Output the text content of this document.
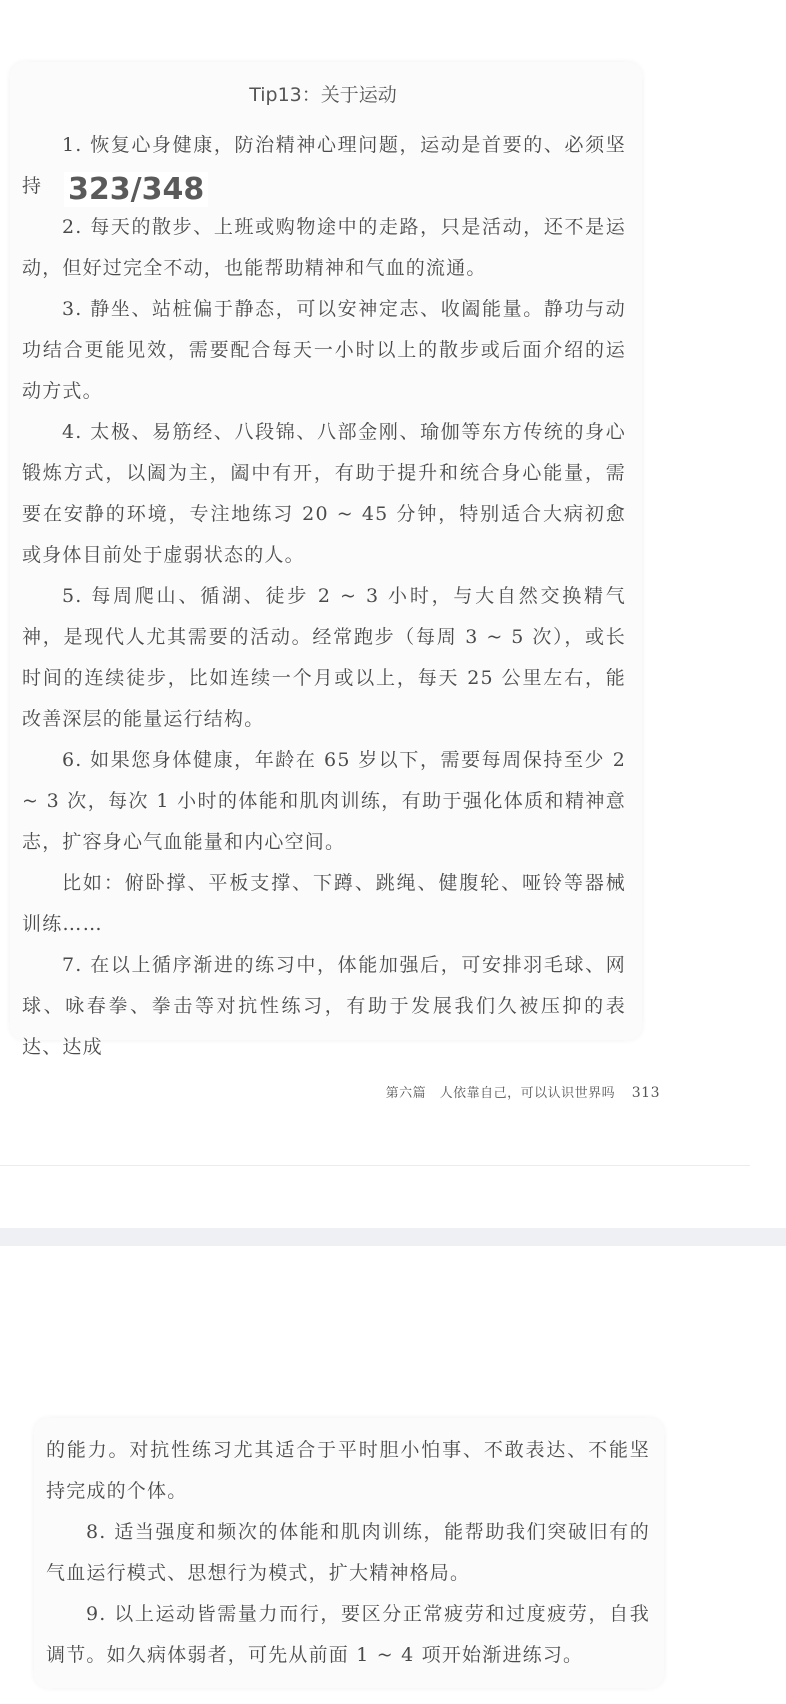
Tip13：关于运动

1. 恢复心身健康，防治精神心理问题，运动是首要的、必须坚持 323/348

2. 每天的散步、上班或购物途中的走路，只是活动，还不是运动，但好过完全不动，也能帮助精神和气血的流通。

3. 静坐、站桩偏于静态，可以安神定志、收阖能量。静功与动功结合更能见效，需要配合每天一小时以上的散步或后面介绍的运动方式。

4. 太极、易筋经、八段锦、八部金刚、瑜伽等东方传统的身心锻炼方式，以阖为主，阖中有开，有助于提升和统合身心能量，需要在安静的环境，专注地练习 20 ~ 45 分钟，特别适合大病初愈或身体目前处于虚弱状态的人。

5. 每周爬山、循湖、徒步 2 ~ 3 小时，与大自然交换精气神，是现代人尤其需要的活动。经常跑步（每周 3 ~ 5 次），或长时间的连续徒步，比如连续一个月或以上，每天 25 公里左右，能改善深层的能量运行结构。

6. 如果您身体健康，年龄在 65 岁以下，需要每周保持至少 2 ~ 3 次，每次 1 小时的体能和肌肉训练，有助于强化体质和精神意志，扩容身心气血能量和内心空间。

比如：俯卧撑、平板支撑、下蹲、跳绳、健腹轮、哑铃等器械训练……

7. 在以上循序渐进的练习中，体能加强后，可安排羽毛球、网球、咏春拳、拳击等对抗性练习，有助于发展我们久被压抑的表达、达成

第六篇　人依靠自己，可以认识世界吗 313

的能力。对抗性练习尤其适合于平时胆小怕事、不敢表达、不能坚持完成的个体。

8. 适当强度和频次的体能和肌肉训练，能帮助我们突破旧有的气血运行模式、思想行为模式，扩大精神格局。

9. 以上运动皆需量力而行，要区分正常疲劳和过度疲劳，自我调节。如久病体弱者，可先从前面 1 ~ 4 项开始渐进练习。
